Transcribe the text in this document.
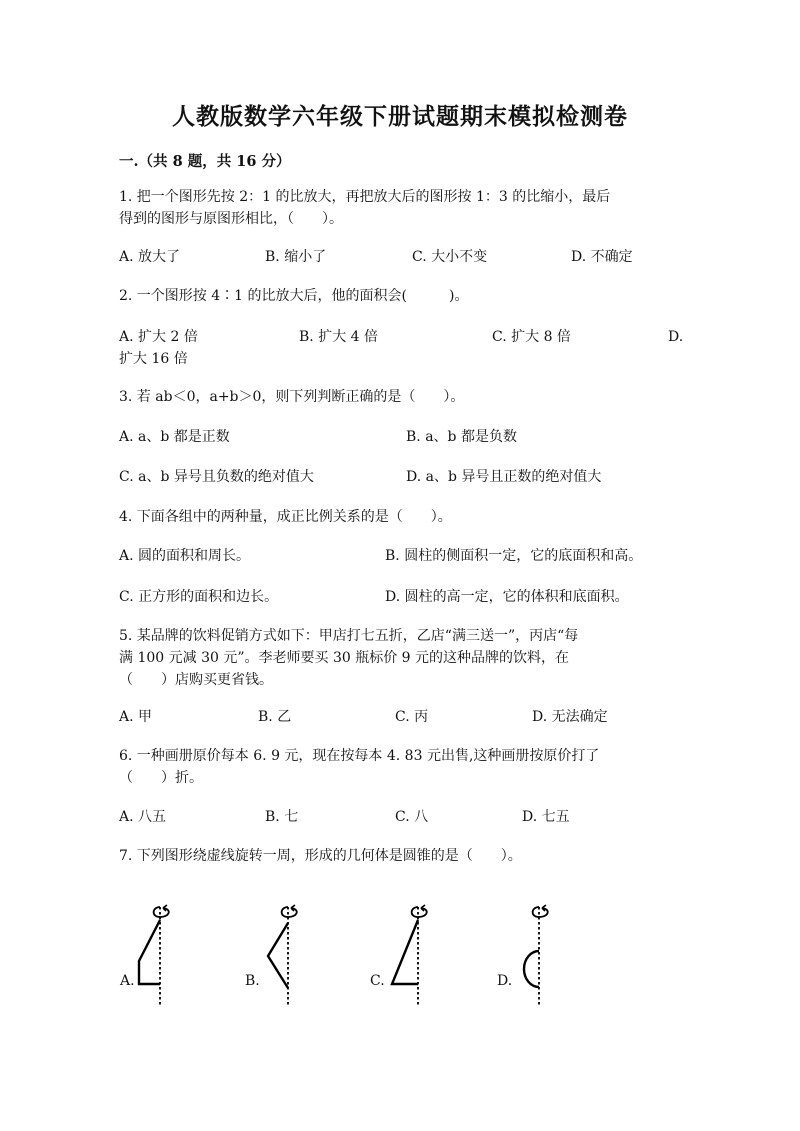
人教版数学六年级下册试题期末模拟检测卷
一.（共 8 题，共 16 分）
1. 把一个图形先按 2：1 的比放大，再把放大后的图形按 1：3 的比缩小，最后
得到的图形与原图形相比，（　　）。
A. 放大了	B. 缩小了	C. 大小不变	D. 不确定
2. 一个图形按 4∶1 的比放大后，他的面积会(　　　)。
A. 扩大 2 倍	B. 扩大 4 倍	C. 扩大 8 倍	D.
扩大 16 倍
3. 若 ab＜0，a+b＞0，则下列判断正确的是（　　）。
A. a、b 都是正数	B. a、b 都是负数
C. a、b 异号且负数的绝对值大	D. a、b 异号且正数的绝对值大
4. 下面各组中的两种量，成正比例关系的是（　　）。
A. 圆的面积和周长。	B. 圆柱的侧面积一定，它的底面积和高。
C. 正方形的面积和边长。	D. 圆柱的高一定，它的体积和底面积。
5. 某品牌的饮料促销方式如下：甲店打七五折，乙店“满三送一”，丙店“每
满 100 元减 30 元”。李老师要买 30 瓶标价 9 元的这种品牌的饮料，在
（　　）店购买更省钱。
A. 甲	B. 乙	C. 丙	D. 无法确定
6. 一种画册原价每本 6. 9 元，现在按每本 4. 83 元出售,这种画册按原价打了
（　　）折。
A. 八五	B. 七	C. 八	D. 七五
7. 下列图形绕虚线旋转一周，形成的几何体是圆锥的是（　　）。
A.	B.	C.	D.
